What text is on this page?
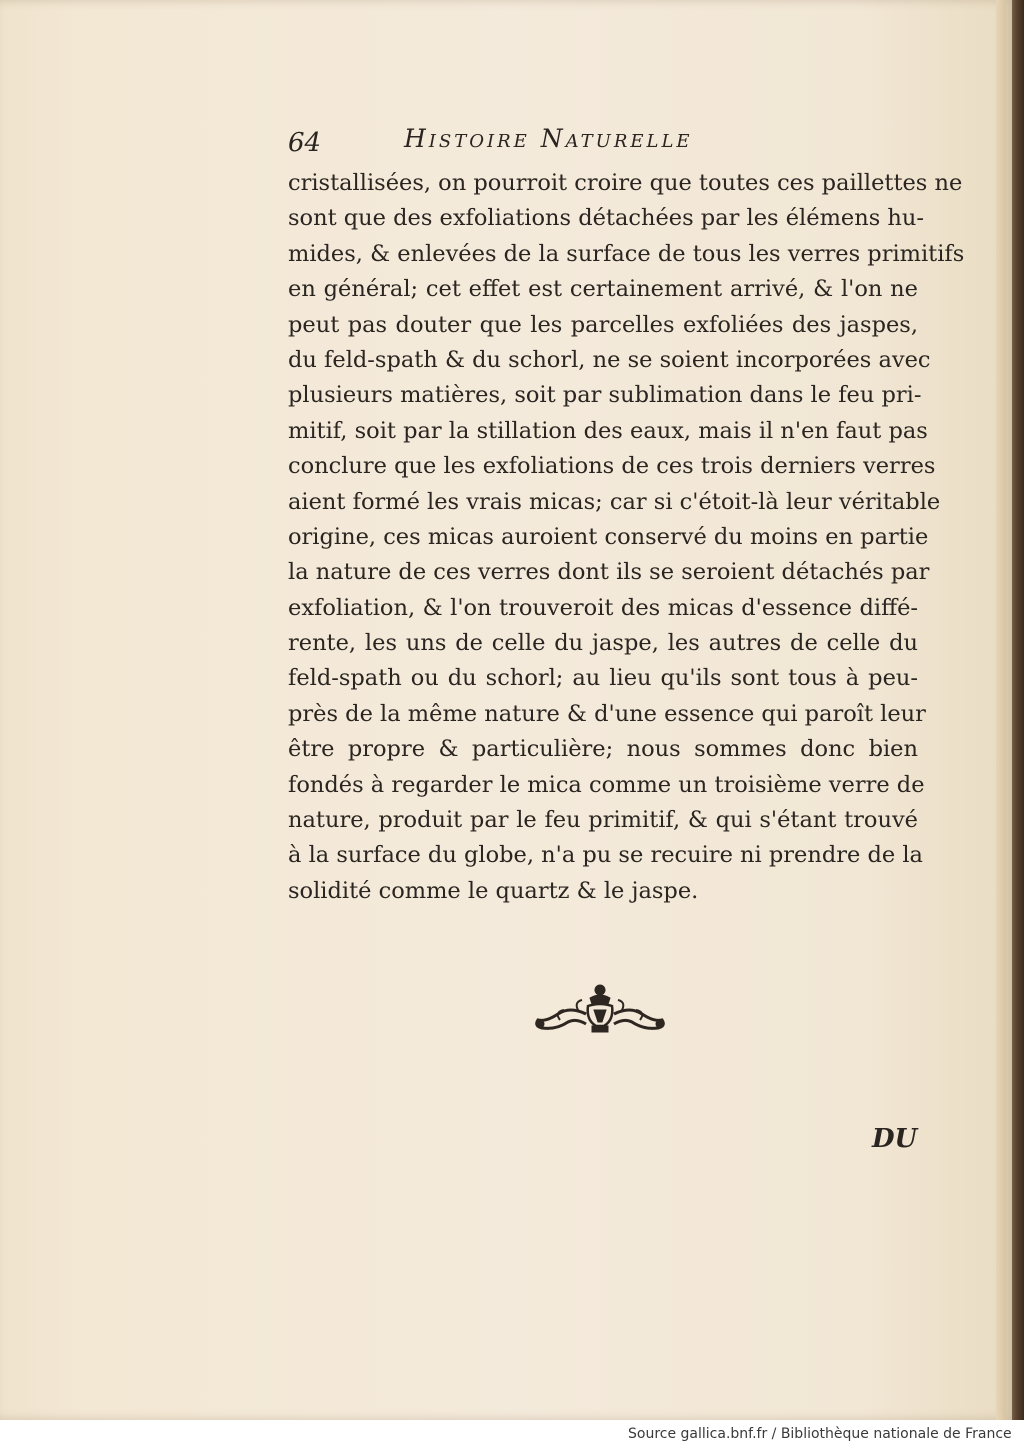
64	Histoire Naturelle
cristallisées, on pourroit croire que toutes ces paillettes ne
sont que des exfoliations détachées par les élémens hu-
mides, & enlevées de la surface de tous les verres primitifs
en général; cet effet est certainement arrivé, & l'on ne
peut pas douter que les parcelles exfoliées des jaspes,
du feld-spath & du schorl, ne se soient incorporées avec
plusieurs matières, soit par sublimation dans le feu pri-
mitif, soit par la stillation des eaux, mais il n'en faut pas
conclure que les exfoliations de ces trois derniers verres
aient formé les vrais micas; car si c'étoit-là leur véritable
origine, ces micas auroient conservé du moins en partie
la nature de ces verres dont ils se seroient détachés par
exfoliation, & l'on trouveroit des micas d'essence diffé-
rente, les uns de celle du jaspe, les autres de celle du
feld-spath ou du schorl; au lieu qu'ils sont tous à peu-
près de la même nature & d'une essence qui paroît leur
être propre & particulière; nous sommes donc bien
fondés à regarder le mica comme un troisième verre de
nature, produit par le feu primitif, & qui s'étant trouvé
à la surface du globe, n'a pu se recuire ni prendre de la
solidité comme le quartz & le jaspe.
DU
Source gallica.bnf.fr / Bibliothèque nationale de France
